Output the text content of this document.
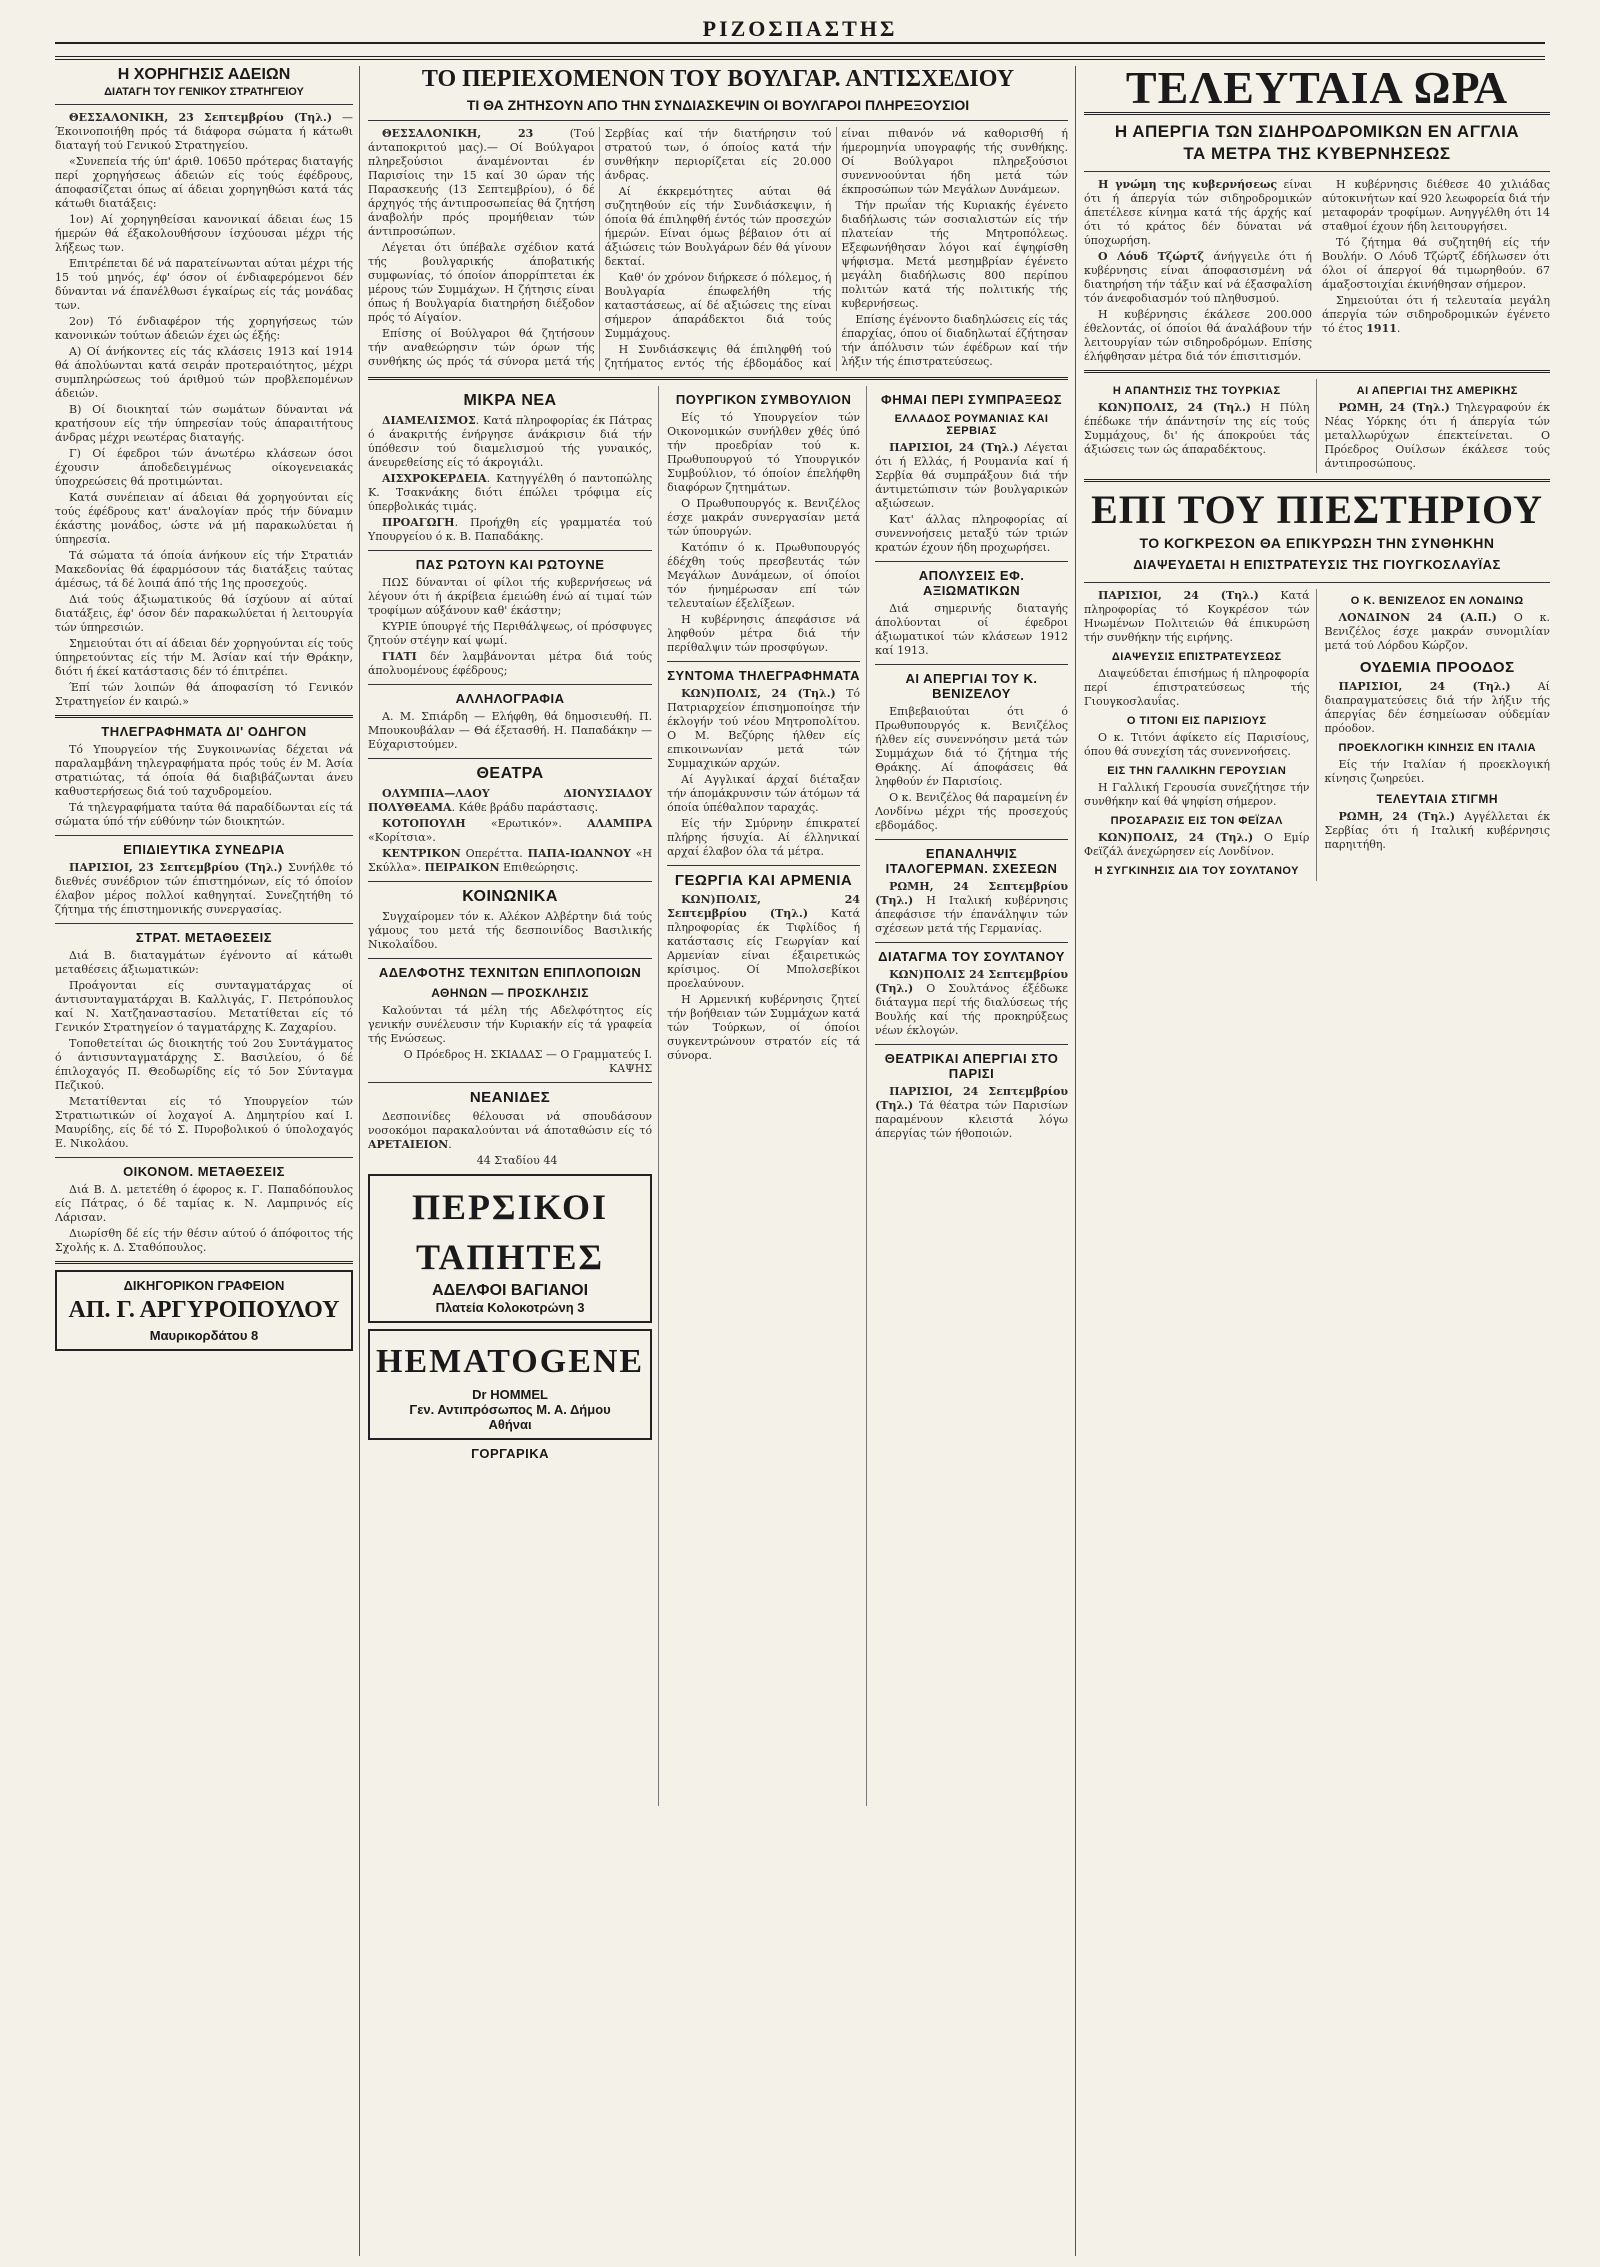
ΡΙΖΟΣΠΑΣΤΗΣ
Η ΧΟΡΗΓΗΣΙΣ ΑΔΕΙΩΝ
ΔΙΑΤΑΓΗ ΤΟΥ ΓΕΝΙΚΟΥ ΣΤΡΑΤΗΓΕΙΟΥ

ΘΕΣΣΑΛΟΝΙΚΗ, 23 Σεπτεμβρίου (Τηλ.) — Έκοινοποιήθη πρός τά διάφορα σώματα ή κάτωθι διαταγή τού Γενικού Στρατηγείου.

«Συνεπεία τής ύπ' άριθ. 10650 πρότερας διαταγής περί χορηγήσεως άδειών είς τούς έφέδρους, άποφασίζεται όπως αί άδειαι χορηγηθώσι κατά τάς κάτωθι διατάξεις:

1ον) Αί χορηγηθείσαι κανονικαί άδειαι έως 15 ήμερών θά έξακολουθήσουν ίσχύουσαι μέχρι τής λήξεως των.

Επιτρέπεται δέ νά παρατείνωνται αύται μέχρι τής 15 τού μηνός, έφ' όσον οί ένδιαφερόμενοι δέν δύνανται νά έπανέλθωσι έγκαίρως είς τάς μονάδας των.

2ον) Τό ένδιαφέρον τής χορηγήσεως τών κανονικών τούτων άδειών έχει ώς έξής:

Α) Οί άνήκοντες είς τάς κλάσεις 1913 καί 1914 θά άπολύωνται κατά σειράν προτεραιότητος, μέχρι συμπληρώσεως τού άριθμού τών προβλεπομένων άδειών.

Β) Οί διοικηταί τών σωμάτων δύνανται νά κρατήσουν είς τήν ύπηρεσίαν τούς άπαραιτήτους άνδρας μέχρι νεωτέρας διαταγής.

Γ) Οί έφεδροι τών άνωτέρω κλάσεων όσοι έχουσιν άποδεδειγμένως οίκογενειακάς ύποχρεώσεις θά προτιμώνται.

Κατά συνέπειαν αί άδειαι θά χορηγούνται είς τούς έφέδρους κατ' άναλογίαν πρός τήν δύναμιν έκάστης μονάδος, ώστε νά μή παρακωλύεται ή ύπηρεσία.

Τά σώματα τά όποία άνήκουν είς τήν Στρατιάν Μακεδονίας θά έφαρμόσουν τάς διατάξεις ταύτας άμέσως, τά δέ λοιπά άπό τής 1ης προσεχούς.

Διά τούς άξιωματικούς θά ίσχύουν αί αύταί διατάξεις, έφ' όσον δέν παρακωλύεται ή λειτουργία τών ύπηρεσιών.

Σημειούται ότι αί άδειαι δέν χορηγούνται είς τούς ύπηρετούντας είς τήν Μ. Άσίαν καί τήν Θράκην, διότι ή έκεί κατάστασις δέν τό έπιτρέπει.

Έπί τών λοιπών θά άποφασίση τό Γενικόν Στρατηγείον έν καιρώ.»

ΤΗΛΕΓΡΑΦΗΜΑΤΑ ΔΙ' ΟΔΗΓΟΝ

Τό Υπουργείον τής Συγκοινωνίας δέχεται νά παραλαμβάνη τηλεγραφήματα πρός τούς έν Μ. Άσία στρατιώτας, τά όποία θά διαβιβάζωνται άνευ καθυστερήσεως διά τού ταχυδρομείου.

Τά τηλεγραφήματα ταύτα θά παραδίδωνται είς τά σώματα ύπό τήν εύθύνην τών διοικητών.

ΕΠΙΔΙΕΥΤΙΚΑ ΣΥΝΕΔΡΙΑ

ΠΑΡΙΣΙΟΙ, 23 Σεπτεμβρίου (Τηλ.) Συνήλθε τό διεθνές συνέδριον τών έπιστημόνων, είς τό όποίον έλαβον μέρος πολλοί καθηγηταί. Συνεζητήθη τό ζήτημα τής έπιστημονικής συνεργασίας.

ΣΤΡΑΤ. ΜΕΤΑΘΕΣΕΙΣ

Διά Β. διαταγμάτων έγένοντο αί κάτωθι μεταθέσεις άξιωματικών:

Προάγονται είς συνταγματάρχας οί άντισυνταγματάρχαι Β. Καλλιγάς, Γ. Πετρόπουλος καί Ν. Χατζηαναστασίου. Μετατίθεται είς τό Γενικόν Στρατηγείον ό ταγματάρχης Κ. Ζαχαρίου.

Τοποθετείται ώς διοικητής τού 2ου Συντάγματος ό άντισυνταγματάρχης Σ. Βασιλείου, ό δέ έπιλοχαγός Π. Θεοδωρίδης είς τό 5ον Σύνταγμα Πεζικού.

Μετατίθενται είς τό Υπουργείον τών Στρατιωτικών οί λοχαγοί Α. Δημητρίου καί Ι. Μαυρίδης, είς δέ τό Σ. Πυροβολικού ό ύπολοχαγός Ε. Νικολάου.

ΟΙΚΟΝΟΜ. ΜΕΤΑΘΕΣΕΙΣ

Διά Β. Δ. μετετέθη ό έφορος κ. Γ. Παπαδόπουλος είς Πάτρας, ό δέ ταμίας κ. Ν. Λαμπρινός είς Λάρισαν.

Διωρίσθη δέ είς τήν θέσιν αύτού ό άπόφοιτος τής Σχολής κ. Δ. Σταθόπουλος.

ΔΙΚΗΓΟΡΙΚΟΝ ΓΡΑΦΕΙΟΝ
ΑΠ. Γ. ΑΡΓΥΡΟΠΟΥΛΟΥ
Μαυρικορδάτου 8
ΤΟ ΠΕΡΙΕΧΟΜΕΝΟΝ ΤΟΥ ΒΟΥΛΓΑΡ. ΑΝΤΙΣΧΕΔΙΟΥ
ΤΙ ΘΑ ΖΗΤΗΣΟΥΝ ΑΠΟ ΤΗΝ ΣΥΝΔΙΑΣΚΕΨΙΝ ΟΙ ΒΟΥΛΓΑΡΟΙ ΠΛΗΡΕΞΟΥΣΙΟΙ

ΘΕΣΣΑΛΟΝΙΚΗ, 23 (Τού άνταποκριτού μας).— Οί Βούλγαροι πληρεξούσιοι άναμένονται έν Παρισίοις την 15 καί 30 ώραν τής Παρασκευής (13 Σεπτεμβρίου), ό δέ άρχηγός τής άντιπροσωπείας θά ζητήση άναβολήν πρός προμήθειαν τών άντιπροσώπων.

Λέγεται ότι ύπέβαλε σχέδιον κατά τής βουλγαρικής άποβατικής συμφωνίας, τό όποίον άπορρίπτεται έκ μέρους τών Συμμάχων. Η ζήτησις είναι όπως ή Βουλγαρία διατηρήση διέξοδον πρός τό Αίγαίον.

Επίσης οί Βούλγαροι θά ζητήσουν τήν αναθεώρησιν τών όρων τής συνθήκης ώς πρός τά σύνορα μετά τής Σερβίας καί τήν διατήρησιν τού στρατού των, ό όποίος κατά τήν συνθήκην περιορίζεται είς 20.000 άνδρας.

Αί έκκρεμότητες αύται θά συζητηθούν είς τήν Συνδιάσκεψιν, ή όποία θά έπιληφθή έντός τών προσεχών ήμερών. Είναι όμως βέβαιον ότι αί άξιώσεις τών Βουλγάρων δέν θά γίνουν δεκταί.

Καθ' όν χρόνον διήρκεσε ό πόλεμος, ή Βουλγαρία έπωφελήθη τής καταστάσεως, αί δέ αξιώσεις της είναι σήμερον άπαράδεκτοι διά τούς Συμμάχους.

Η Συνδιάσκεψις θά έπιληφθή τού ζητήματος εντός τής έβδομάδος καί είναι πιθανόν νά καθορισθή ή ήμερομηνία υπογραφής τής συνθήκης. Οί Βούλγαροι πληρεξούσιοι συνεννοούνται ήδη μετά τών έκπροσώπων τών Μεγάλων Δυνάμεων.

Τήν πρωΐαν τής Κυριακής έγένετο διαδήλωσις τών σοσιαλιστών είς τήν πλατείαν τής Μητροπόλεως. Εξεφωνήθησαν λόγοι καί έψηφίσθη ψήφισμα. Μετά μεσημβρίαν έγένετο μεγάλη διαδήλωσις 800 περίπου πολιτών κατά τής πολιτικής τής κυβερνήσεως.

Επίσης έγένοντο διαδηλώσεις είς τάς έπαρχίας, όπου οί διαδηλωταί έζήτησαν τήν άπόλυσιν τών έφέδρων καί τήν λήξιν τής έπιστρατεύσεως.

ΜΙΚΡΑ ΝΕΑ

ΔΙΑΜΕΛΙΣΜΟΣ. Κατά πληροφορίας έκ Πάτρας ό άνακριτής ένήργησε άνάκρισιν διά τήν ύπόθεσιν τού διαμελισμού τής γυναικός, άνευρεθείσης είς τό άκρογιάλι.

ΑΙΣΧΡΟΚΕΡΔΕΙΑ. Κατηγγέλθη ό παντοπώλης Κ. Τσακνάκης διότι έπώλει τρόφιμα είς ύπερβολικάς τιμάς.

ΠΡΟΑΓΩΓΗ. Προήχθη είς γραμματέα τού Υπουργείου ό κ. Β. Παπαδάκης.

ΠΑΣ ΡΩΤΟΥΝ ΚΑΙ ΡΩΤΟΥΝΕ

ΠΩΣ δύνανται οί φίλοι τής κυβερνήσεως νά λέγουν ότι ή άκρίβεια έμειώθη ένώ αί τιμαί τών τροφίμων αύξάνουν καθ' έκάστην;

ΚΥΡΙΕ ύπουργέ τής Περιθάλψεως, οί πρόσφυγες ζητούν στέγην καί ψωμί.

ΓΙΑΤΙ δέν λαμβάνονται μέτρα διά τούς άπολυομένους έφέδρους;

ΑΛΛΗΛΟΓΡΑΦΙΑ

Α. Μ. Σπιάρδη — Ελήφθη, θά δημοσιευθή. Π. Μπουκουβάλαν — Θά έξετασθή. Η. Παπαδάκην — Εύχαριστούμεν.

ΘΕΑΤΡΑ

ΟΛΥΜΠΙΑ—ΛΑΟΥ ΔΙΟΝΥΣΙΑΔΟΥ ΠΟΛΥΘΕΑΜΑ. Κάθε βράδυ παράστασις.

ΚΟΤΟΠΟΥΛΗ «Ερωτικόν». ΑΛΑΜΠΡΑ «Κορίτσια».

ΚΕΝΤΡΙΚΟΝ Οπερέττα. ΠΑΠΑ-ΙΩΑΝΝΟΥ «Η Σκύλλα». ΠΕΙΡΑΙΚΟΝ Επιθεώρησις.

ΚΟΙΝΩΝΙΚΑ

Συγχαίρομεν τόν κ. Αλέκον Αλβέρτην διά τούς γάμους του μετά τής δεσποινίδος Βασιλικής Νικολαΐδου.

ΑΔΕΛΦΟΤΗΣ ΤΕΧΝΙΤΩΝ ΕΠΙΠΛΟΠΟΙΩΝ
ΑΘΗΝΩΝ — ΠΡΟΣΚΛΗΣΙΣ

Καλούνται τά μέλη τής Αδελφότητος είς γενικήν συνέλευσιν τήν Κυριακήν είς τά γραφεία τής Ενώσεως.

Ο Πρόεδρος Η. ΣΚΙΑΔΑΣ — Ο Γραμματεύς Ι. ΚΑΨΗΣ

ΝΕΑΝΙΔΕΣ

Δεσποινίδες θέλουσαι νά σπουδάσουν νοσοκόμοι παρακαλούνται νά άποταθώσιν είς τό ΑΡΕΤΑΙΕΙΟΝ.

44 Σταδίου 44

ΠΕΡΣΙΚΟΙ ΤΑΠΗΤΕΣ
ΑΔΕΛΦΟΙ ΒΑΓΙΑΝΟΙ
Πλατεία Κολοκοτρώνη 3
HEMATOGENE
Dr HOMMEL
Γεν. Αντιπρόσωπος Μ. Α. Δήμου
Αθήναι
ΓΟΡΓΑΡΙΚΑ
ΠΟΥΡΓΙΚΟΝ ΣΥΜΒΟΥΛΙΟΝ

Είς τό Υπουργείον τών Οικονομικών συνήλθεν χθές ύπό τήν προεδρίαν τού κ. Πρωθυπουργού τό Υπουργικόν Συμβούλιον, τό όποίον έπελήφθη διαφόρων ζητημάτων.

Ο Πρωθυπουργός κ. Βενιζέλος έσχε μακράν συνεργασίαν μετά τών ύπουργών.

Κατόπιν ό κ. Πρωθυπουργός έδέχθη τούς πρεσβευτάς τών Μεγάλων Δυνάμεων, οί όποίοι τόν ήνημέρωσαν επί τών τελευταίων έξελίξεων.

Η κυβέρνησις άπεφάσισε νά ληφθούν μέτρα διά τήν περίθαλψιν τών προσφύγων.

ΣΥΝΤΟΜΑ ΤΗΛΕΓΡΑΦΗΜΑΤΑ

ΚΩΝ)ΠΟΛΙΣ, 24 (Τηλ.) Τό Πατριαρχείον έπισημοποίησε τήν έκλογήν τού νέου Μητροπολίτου. Ο Μ. Βεζύρης ήλθεν είς επικοινωνίαν μετά τών Συμμαχικών αρχών.

Αί Αγγλικαί άρχαί διέταξαν τήν άπομάκρυνσιν τών άτόμων τά όποία ύπέθαλπον ταραχάς.

Είς τήν Σμύρνην έπικρατεί πλήρης ήσυχία. Αί έλληνικαί αρχαί έλαβον όλα τά μέτρα.

ΓΕΩΡΓΙΑ ΚΑΙ ΑΡΜΕΝΙΑ

ΚΩΝ)ΠΟΛΙΣ, 24 Σεπτεμβρίου (Τηλ.) Κατά πληροφορίας έκ Τιφλίδος ή κατάστασις είς Γεωργίαν καί Αρμενίαν είναι έξαιρετικώς κρίσιμος. Οί Μπολσεβίκοι προελαύνουν.

Η Αρμενική κυβέρνησις ζητεί τήν βοήθειαν τών Συμμάχων κατά τών Τούρκων, οί όποίοι συγκεντρώνουν στρατόν είς τά σύνορα.

ΦΗΜΑΙ ΠΕΡΙ ΣΥΜΠΡΑΞΕΩΣ
ΕΛΛΑΔΟΣ ΡΟΥΜΑΝΙΑΣ ΚΑΙ ΣΕΡΒΙΑΣ

ΠΑΡΙΣΙΟΙ, 24 (Τηλ.) Λέγεται ότι ή Ελλάς, ή Ρουμανία καί ή Σερβία θά συμπράξουν διά τήν άντιμετώπισιν τών βουλγαρικών αξιώσεων.

Κατ' άλλας πληροφορίας αί συνεννοήσεις μεταξύ τών τριών κρατών έχουν ήδη προχωρήσει.

ΑΠΟΛΥΣΕΙΣ ΕΦ. ΑΞΙΩΜΑΤΙΚΩΝ

Διά σημερινής διαταγής άπολύονται οί έφεδροι άξιωματικοί τών κλάσεων 1912 καί 1913.

ΑΙ ΑΠΕΡΓΙΑΙ ΤΟΥ Κ. ΒΕΝΙΖΕΛΟΥ

Επιβεβαιούται ότι ό Πρωθυπουργός κ. Βενιζέλος ήλθεν είς συνεννόησιν μετά τών Συμμάχων διά τό ζήτημα τής Θράκης. Αί άποφάσεις θά ληφθούν έν Παρισίοις.

Ο κ. Βενιζέλος θά παραμείνη έν Λονδίνω μέχρι τής προσεχούς εβδομάδος.

ΕΠΑΝΑΛΗΨΙΣ ΙΤΑΛΟΓΕΡΜΑΝ. ΣΧΕΣΕΩΝ

ΡΩΜΗ, 24 Σεπτεμβρίου (Τηλ.) Η Ιταλική κυβέρνησις άπεφάσισε τήν έπανάληψιν τών σχέσεων μετά τής Γερμανίας.

ΔΙΑΤΑΓΜΑ ΤΟΥ ΣΟΥΛΤΑΝΟΥ

ΚΩΝ)ΠΟΛΙΣ 24 Σεπτεμβρίου (Τηλ.) Ο Σουλτάνος έξέδωκε διάταγμα περί τής διαλύσεως τής Βουλής καί τής προκηρύξεως νέων έκλογών.

ΘΕΑΤΡΙΚΑΙ ΑΠΕΡΓΙΑΙ ΣΤΟ ΠΑΡΙΣΙ

ΠΑΡΙΣΙΟΙ, 24 Σεπτεμβρίου (Τηλ.) Τά θέατρα τών Παρισίων παραμένουν κλειστά λόγω άπεργίας τών ήθοποιών.

ΤΕΛΕΥΤΑΙΑ ΩΡΑ
Η ΑΠΕΡΓΙΑ ΤΩΝ ΣΙΔΗΡΟΔΡΟΜΙΚΩΝ ΕΝ ΑΓΓΛΙΑ
ΤΑ ΜΕΤΡΑ ΤΗΣ ΚΥΒΕΡΝΗΣΕΩΣ

Η γνώμη της κυβερνήσεως είναι ότι ή άπεργία τών σιδηροδρομικών άπετέλεσε κίνημα κατά τής άρχής καί ότι τό κράτος δέν δύναται νά ύποχωρήση.

Ο Λόυδ Τζώρτζ άνήγγειλε ότι ή κυβέρνησις είναι άποφασισμένη νά διατηρήση τήν τάξιν καί νά έξασφαλίση τόν άνεφοδιασμόν τού πληθυσμού.

Η κυβέρνησις έκάλεσε 200.000 έθελοντάς, οί όποίοι θά άναλάβουν τήν λειτουργίαν τών σιδηροδρόμων. Επίσης έλήφθησαν μέτρα διά τόν έπισιτισμόν.

Η κυβέρνησις διέθεσε 40 χιλιάδας αύτοκινήτων καί 920 λεωφορεία διά τήν μεταφοράν τροφίμων. Ανηγγέλθη ότι 14 σταθμοί έχουν ήδη λειτουργήσει.

Τό ζήτημα θά συζητηθή είς τήν Βουλήν. Ο Λόυδ Τζώρτζ έδήλωσεν ότι όλοι οί άπεργοί θά τιμωρηθούν. 67 άμαξοστοιχίαι έκινήθησαν σήμερον.

Σημειούται ότι ή τελευταία μεγάλη άπεργία τών σιδηροδρομικών έγένετο τό έτος 1911.

Η ΑΠΑΝΤΗΣΙΣ ΤΗΣ ΤΟΥΡΚΙΑΣ

ΚΩΝ)ΠΟΛΙΣ, 24 (Τηλ.) Η Πύλη έπέδωκε τήν άπάντησίν της είς τούς Συμμάχους, δι' ής άποκρούει τάς άξιώσεις των ώς άπαραδέκτους.

ΑΙ ΑΠΕΡΓΙΑΙ ΤΗΣ ΑΜΕΡΙΚΗΣ

ΡΩΜΗ, 24 (Τηλ.) Τηλεγραφούν έκ Νέας Υόρκης ότι ή άπεργία τών μεταλλωρύχων έπεκτείνεται. Ο Πρόεδρος Ουίλσων έκάλεσε τούς άντιπροσώπους.

ΕΠΙ ΤΟΥ ΠΙΕΣΤΗΡΙΟΥ
ΤΟ ΚΟΓΚΡΕΣΟΝ ΘΑ ΕΠΙΚΥΡΩΣΗ ΤΗΝ ΣΥΝΘΗΚΗΝ
ΔΙΑΨΕΥΔΕΤΑΙ Η ΕΠΙΣΤΡΑΤΕΥΣΙΣ ΤΗΣ ΓΙΟΥΓΚΟΣΛΑΥΪΑΣ

ΠΑΡΙΣΙΟΙ, 24 (Τηλ.) Κατά πληροφορίας τό Κογκρέσον τών Ηνωμένων Πολιτειών θά έπικυρώση τήν συνθήκην τής ειρήνης.

ΔΙΑΨΕΥΣΙΣ ΕΠΙΣΤΡΑΤΕΥΣΕΩΣ

Διαψεύδεται έπισήμως ή πληροφορία περί έπιστρατεύσεως τής Γιουγκοσλαυΐας.

Ο ΤΙΤΟΝΙ ΕΙΣ ΠΑΡΙΣΙΟΥΣ

Ο κ. Τιτόνι άφίκετο είς Παρισίους, όπου θά συνεχίση τάς συνεννοήσεις.

ΕΙΣ ΤΗΝ ΓΑΛΛΙΚΗΝ ΓΕΡΟΥΣΙΑΝ

Η Γαλλική Γερουσία συνεζήτησε τήν συνθήκην καί θά ψηφίση σήμερον.

ΠΡΟΣΑΡΑΣΙΣ ΕΙΣ ΤΟΝ ΦΕΪΖΑΛ

ΚΩΝ)ΠΟΛΙΣ, 24 (Τηλ.) Ο Εμίρ Φεϊζάλ άνεχώρησεν είς Λονδίνον.

Η ΣΥΓΚΙΝΗΣΙΣ ΔΙΑ ΤΟΥ ΣΟΥΛΤΑΝΟΥ
Ο Κ. ΒΕΝΙΖΕΛΟΣ ΕΝ ΛΟΝΔΙΝΩ

ΛΟΝΔΙΝΟΝ 24 (Α.Π.) Ο κ. Βενιζέλος έσχε μακράν συνομιλίαν μετά τού Λόρδου Κώρζον.

ΟΥΔΕΜΙΑ ΠΡΟΟΔΟΣ

ΠΑΡΙΣΙΟΙ, 24 (Τηλ.) Αί διαπραγματεύσεις διά τήν λήξιν τής άπεργίας δέν έσημείωσαν ούδεμίαν πρόοδον.

ΠΡΟΕΚΛΟΓΙΚΗ ΚΙΝΗΣΙΣ ΕΝ ΙΤΑΛΙΑ

Είς τήν Ιταλίαν ή προεκλογική κίνησις ζωηρεύει.

ΤΕΛΕΥΤΑΙΑ ΣΤΙΓΜΗ

ΡΩΜΗ, 24 (Τηλ.) Αγγέλλεται έκ Σερβίας ότι ή Ιταλική κυβέρνησις παρηιτήθη.
